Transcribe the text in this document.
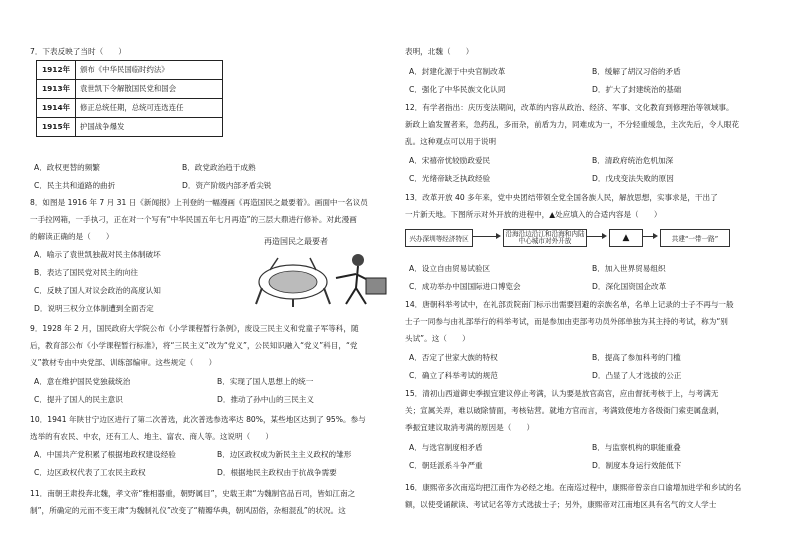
7．下表反映了当时（　　）
1912年	颁布《中华民国临时约法》
1913年	袁世凯下令解散国民党和国会
1914年	修正总统任期，总统可连选连任
1915年	护国战争爆发
A．政权更替的频繁	B．政党政治趋于成熟
C．民主共和道路的曲折	D．资产阶级内部矛盾尖锐
8．如图是 1916 年 7 月 31 日《新闻报》上刊登的一幅漫画《再造国民之最要着》。画面中一名议员
一手拉网箱，一手执刁，正在对一个写有“中华民国五年七月再造”的三层大鼎进行修补。对此漫画
的解读正确的是（　　）
A．喻示了袁世凯独裁对民主体制破坏
B．表达了国民党对民主的向往
C．反映了国人对议会政治的高度认知
D．说明三权分立体制遭到全面否定
再造国民之最要者
9．1928 年 2 月，国民政府大学院公布《小学课程暂行条例》，废设三民主义和党童子军等科，随
后，教育部公布《小学课程暂行标准》，将“三民主义”改为“党义”，公民知识融入“党义”科目，“党
义”教材专由中央党部、训练部编审。这些规定（　　）
A．意在维护国民党独裁统治	B．实现了国人思想上的统一
C．提升了国人的民主意识	D．推动了孙中山的三民主义
10．1941 年陕甘宁边区进行了第二次普选，此次普选参选率达 80%，某些地区达到了 95%。参与
选举的有农民、中农，还有工人、地主、富农、商人等。这说明（　　）
A．中国共产党积累了根据地政权建设经验	B．边区政权成为新民主主义政权的雏形
C．边区政权代表了工农民主政权	D．根据地民主政权由于抗战争需要
11．南朝王肃投奔北魏，孝文帝“雅相器重，朝野属目”，史载王肃“为魏制官品百司，皆如江南之
制”，所确定的元而不变王肃“为魏制礼仪”改变了“精瓣华典，朝风固俗，杂相混乱”的状况。这
表明，北魏（　　）
A．封建化源于中央官制改革	B．缓解了胡汉习俗的矛盾
C．强化了中华民族文化认同	D．扩大了封建统治的基础
12．有学者指出：庆历变法期间，改革的内容从政治、经济、军事、文化教育到修理治等领域事。
新政上谕发置者来，急药乱，多而杂，前盾为力，同难成为一，不分轻重缓急，主次先后，令人眼花
乱。这种观点可以用于说明
A．宋禧帝忧较励政爱民	B．清政府统治危机加深
C．光绪帝缺乏执政经验	D．戊戌变法失败的原因
13．改革开放 40 多年来，党中央团结带领全党全国各族人民，解放思想，实事求是，干出了
一片新天地。下图所示对外开放的进程中，▲处应填入的合适内容是（　　）
兴办深圳等经济特区
沿海沿边沿江和沿海和内陆中心城市对外开放	▲	共建“一带一路”
A．设立自由贸易试验区	B．加入世界贸易组织
C．成功举办中国国际进口博览会	D．深化国资国企改革
14．唐朝科举考试中，在礼部贡院南门标示出需要回避的亲族名单，名单上记录的士子不再与一般
士子一同参与由礼部举行的科举考试，而是参加由吏部考功员外郎单独为其主持的考试，称为“别
头试”。这（　　）
A．否定了世家大族的特权	B．提高了参加科考的门槛
C．确立了科举考试的规范	D．凸显了人才选拔的公正
15．清初山西道御史季振宜建议停止考满，认为要是放官高官，应由督抚考核于上，与考满无
关；宣属关弄，难以破除情面，考核钻营。就地方官而言，考满致使地方各级衙门索吏属盘剥，
季振宜建议取消考满的原因是（　　）
A．与选官制度相矛盾	B．与监察机构的职能重叠
C．朝廷派系斗争严重	D．制度本身运行效能低下
16．康熙帝多次南巡均把江南作为必经之地。在南巡过程中，康熙帝曾亲自口谕增加进学和乡试的名
额，以使受诵献读、考试记名等方式选拔士子；另外，康熙帝对江南地区具有名气的文人学士
